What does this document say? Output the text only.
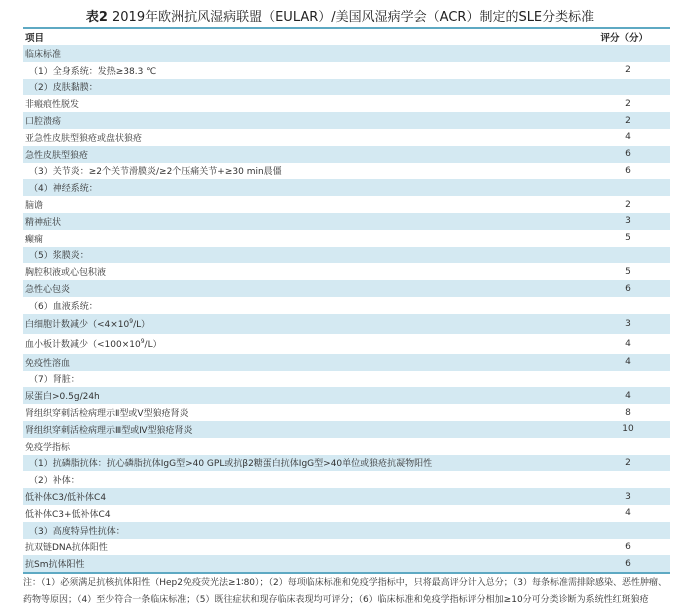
表2 2019年欧洲抗风湿病联盟（EULAR）/美国风湿病学会（ACR）制定的SLE分类标准
项目	评分（分）
临床标准	
（1）全身系统：发热≥38.3 ℃	2
（2）皮肤黏膜：	
非瘢痕性脱发	2
口腔溃疡	2
亚急性皮肤型狼疮或盘状狼疮	4
急性皮肤型狼疮	6
（3）关节炎：≥2个关节滑膜炎/≥2个压痛关节+≥30 min晨僵	6
（4）神经系统：	
脑谵	2
精神症状	3
癫痫	5
（5）浆膜炎：	
胸腔积液或心包积液	5
急性心包炎	6
（6）血液系统：	
白细胞计数减少$(<4\times 10^9/L)$	3
血小板计数减少$(<100\times 10^9/L)$	4
免疫性溶血	4
（7）肾脏：	
尿蛋白>0.5g/24h	4
肾组织穿刺活检病理示Ⅱ型或Ⅴ型狼疮肾炎	8
肾组织穿刺活检病理示Ⅲ型或Ⅳ型狼疮肾炎	10
免疫学指标	
（1）抗磷脂抗体：抗心磷脂抗体IgG型>40 GPL或抗β2糖蛋白抗体IgG型>40单位或狼疮抗凝物阳性	2
（2）补体：	
低补体C3/低补体C4	3
低补体C3+低补体C4	4
（3）高度特异性抗体：	
抗双链DNA抗体阳性	6
抗Sm抗体阳性	6
注：（1）必须满足抗核抗体阳性（Hep2免疫荧光法≥1∶80）；（2）每项临床标准和免疫学指标中，只将最高评分计入总分；（3）每条标准需排除感染、恶性肿瘤、药物等原因；（4）至少符合一条临床标准；（5）既往症状和现存临床表现均可评分；（6）临床标准和免疫学指标评分相加≥10分可分类诊断为系统性红斑狼疮
